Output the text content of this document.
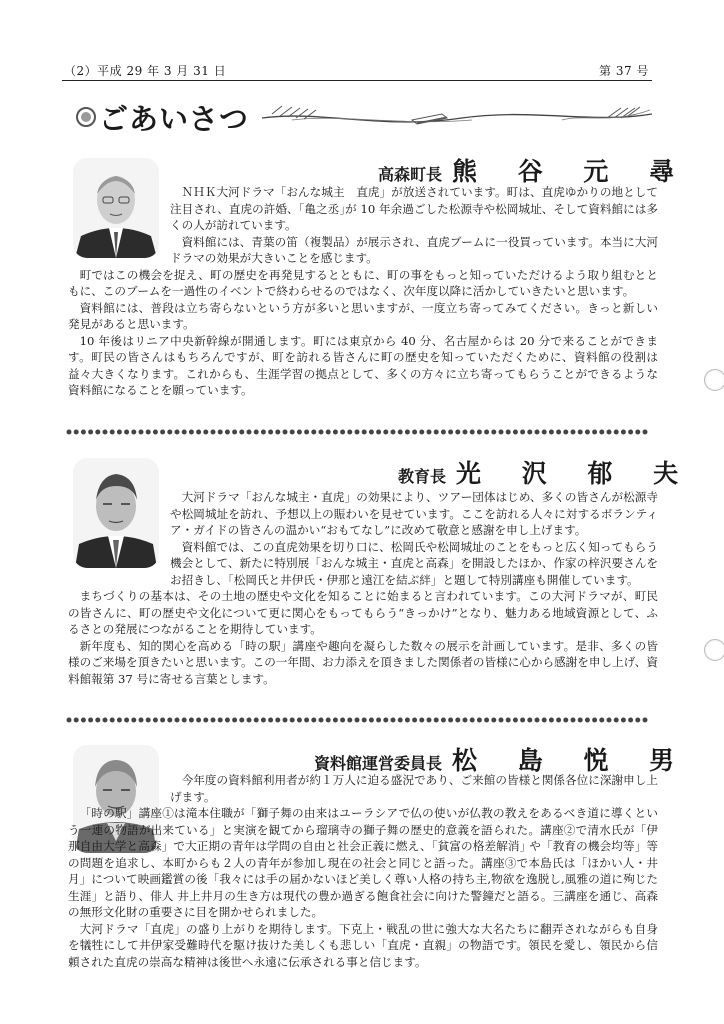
（2）平成 29 年 3 月 31 日	第 37 号
ごあいさつ
高森町長 熊 谷 元 尋

ＮＨＫ大河ドラマ「おんな城主　直虎」が放送されています。町は、直虎ゆかりの地として注目され、直虎の許婚、｢亀之丞｣が 10 年余過ごした松源寺や松岡城址、そして資料館には多くの人が訪れています。

資料館には、青葉の笛（複製品）が展示され、直虎ブームに一役買っています。本当に大河ドラマの効果が大きいことを感じます。

町ではこの機会を捉え、町の歴史を再発見するとともに、町の事をもっと知っていただけるよう取り組むとともに、このブームを一過性のイベントで終わらせるのではなく、次年度以降に活かしていきたいと思います。

資料館には、普段は立ち寄らないという方が多いと思いますが、一度立ち寄ってみてください。きっと新しい発見があると思います。

10 年後はリニア中央新幹線が開通します。町には東京から 40 分、名古屋からは 20 分で来ることができます。町民の皆さんはもちろんですが、町を訪れる皆さんに町の歴史を知っていただくために、資料館の役割は益々大きくなります。これからも、生涯学習の拠点として、多くの方々に立ち寄ってもらうことができるような資料館になることを願っています。

教育長 光 沢 郁 夫

大河ドラマ「おんな城主・直虎」の効果により、ツアー団体はじめ、多くの皆さんが松源寺や松岡城址を訪れ、予想以上の賑わいを見せています。ここを訪れる人々に対するボランティア・ガイドの皆さんの温かい“おもてなし”に改めて敬意と感謝を申し上げます。

資料館では、この直虎効果を切り口に、松岡氏や松岡城址のことをもっと広く知ってもらう機会として、新たに特別展「おんな城主・直虎と高森」を開設したほか、作家の梓沢要さんをお招きし、「松岡氏と井伊氏・伊那と遠江を結ぶ絆」と題して特別講座も開催しています。

まちづくりの基本は、その土地の歴史や文化を知ることに始まると言われています。この大河ドラマが、町民の皆さんに、町の歴史や文化について更に関心をもってもらう“きっかけ”となり、魅力ある地域資源として、ふるさとの発展につながることを期待しています。

新年度も、知的関心を高める「時の駅」講座や趣向を凝らした数々の展示を計画しています。是非、多くの皆様のご来場を頂きたいと思います。この一年間、お力添えを頂きました関係者の皆様に心から感謝を申し上げ、資料館報第 37 号に寄せる言葉とします。

資料館運営委員長 松 島 悦 男

今年度の資料館利用者が約１万人に迫る盛況であり、ご来館の皆様と関係各位に深謝申し上げます。

「時の駅」講座①は滝本住職が「獅子舞の由来はユーラシアで仏の使いが仏教の教えをあるべき道に導くという一連の物語が出来ている」と実演を観てから瑠璃寺の獅子舞の歴史的意義を語られた。講座②で清水氏が「伊那自由大学と高森」で大正期の青年は学問の自由と社会正義に燃え、｢貧富の格差解消｣ や「教育の機会均等」等の問題を追求し、本町からも２人の青年が参加し現在の社会と同じと語った。講座③で本島氏は「ほかい人・井月」について映画鑑賞の後「我々には手の届かないほど美しく尊い人格の持ち主,物欲を逸脱し,風雅の道に殉じた生涯」と語り、俳人 井上井月の生き方は現代の豊か過ぎる飽食社会に向けた警鐘だと語る。三講座を通じ、高森の無形文化財の重要さに目を開かせられました。

大河ドラマ「直虎」の盛り上がりを期待します。下克上・戦乱の世に強大な大名たちに翻弄されながらも自身を犠牲にして井伊家受難時代を駆け抜けた美しくも悲しい「直虎・直親」の物語です。領民を愛し、領民から信頼された直虎の崇高な精神は後世へ永遠に伝承される事と信じます。
